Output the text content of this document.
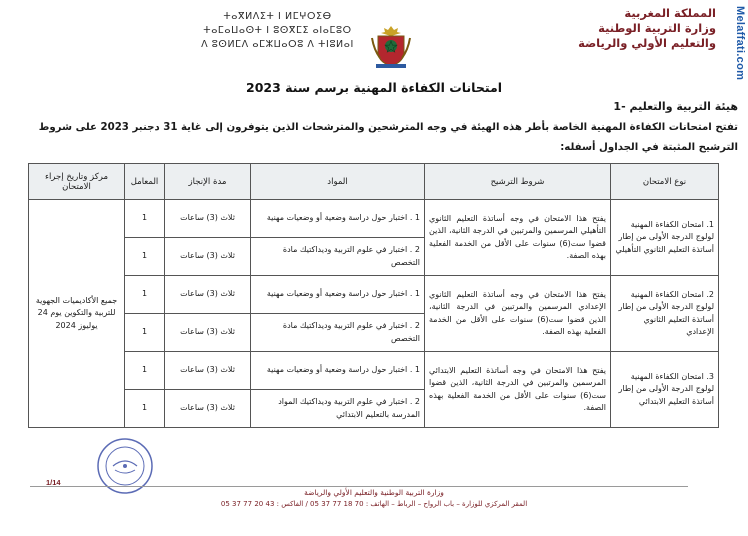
Melaffati.com
المملكة المغربية
وزارة التربية الوطنية
والتعليم الأولي والرياضة
ⵜⴰⴳⵍⴷⵉⵜ ⵏ ⵍⵎⵖⵔⵉⴱ
ⵜⴰⵎⴰⵡⴰⵙⵜ ⵏ ⵓⵙⴳⵎⵉ ⴰⵏⴰⵎⵓⵔ
ⴷ ⵓⵙⵍⵎⴷ ⴰⵎⵣⵡⴰⵔⵓ ⴷ ⵜⵏⵓⵍⴰⵏ
امتحانات الكفاءة المهنية برسم سنة 2023
1- هيئة التربية والتعليم
تفتح امتحانات الكفاءة المهنية الخاصة بأطر هذه الهيئة في وجه المترشحين والمترشحات الذين يتوفرون إلى غاية 31 دجنبر 2023 على شروط الترشيح المثبتة في الجداول أسفله:
نوع الامتحان	شروط الترشيح	المواد	مدة الإنجاز	المعامل	مركز وتاريخ إجراء الامتحان
1. امتحان الكفاءة المهنية لولوج الدرجة الأولى من إطار أساتذة التعليم الثانوي التأهيلي	يفتح هذا الامتحان في وجه أساتذة التعليم الثانوي التأهيلي المرسمين والمرتبين في الدرجة الثانية، الذين قضوا ست(6) سنوات على الأقل من الخدمة الفعلية بهذه الصفة.	1 . اختبار حول دراسة وضعية أو وضعيات مهنية	ثلاث (3) ساعات	1	جميع الأكاديميات الجهوية للتربية والتكوين يوم 24 يوليوز 2024
		2 . اختبار في علوم التربية وديداكتيك مادة التخصص	ثلاث (3) ساعات	1	
2. امتحان الكفاءة المهنية لولوج الدرجة الأولى من إطار أساتذة التعليم الثانوي الإعدادي	يفتح هذا الامتحان في وجه أساتذة التعليم الثانوي الإعدادي المرسمين والمرتبين في الدرجة الثانية، الذين قضوا ست(6) سنوات على الأقل من الخدمة الفعلية بهذه الصفة.	1 . اختبار حول دراسة وضعية أو وضعيات مهنية	ثلاث (3) ساعات	1	
		2 . اختبار في علوم التربية وديداكتيك مادة التخصص	ثلاث (3) ساعات	1	
3. امتحان الكفاءة المهنية لولوج الدرجة الأولى من إطار أساتذة التعليم الابتدائي	يفتح هذا الامتحان في وجه أساتذة التعليم الابتدائي المرسمين والمرتبين في الدرجة الثانية، الذين قضوا ست(6) سنوات على الأقل من الخدمة الفعلية بهذه الصفة.	1 . اختبار حول دراسة وضعية أو وضعيات مهنية	ثلاث (3) ساعات	1	
		2 . اختبار في علوم التربية وديداكتيك المواد المدرسة بالتعليم الابتدائي	ثلاث (3) ساعات	1	
1/14
وزارة التربية الوطنية والتعليم الأولي والرياضة
المقر المركزي للوزارة – باب الرواح – الرباط – الهاتف : 70 18 77 37 05 / الفاكس : 43 20 77 37 05
